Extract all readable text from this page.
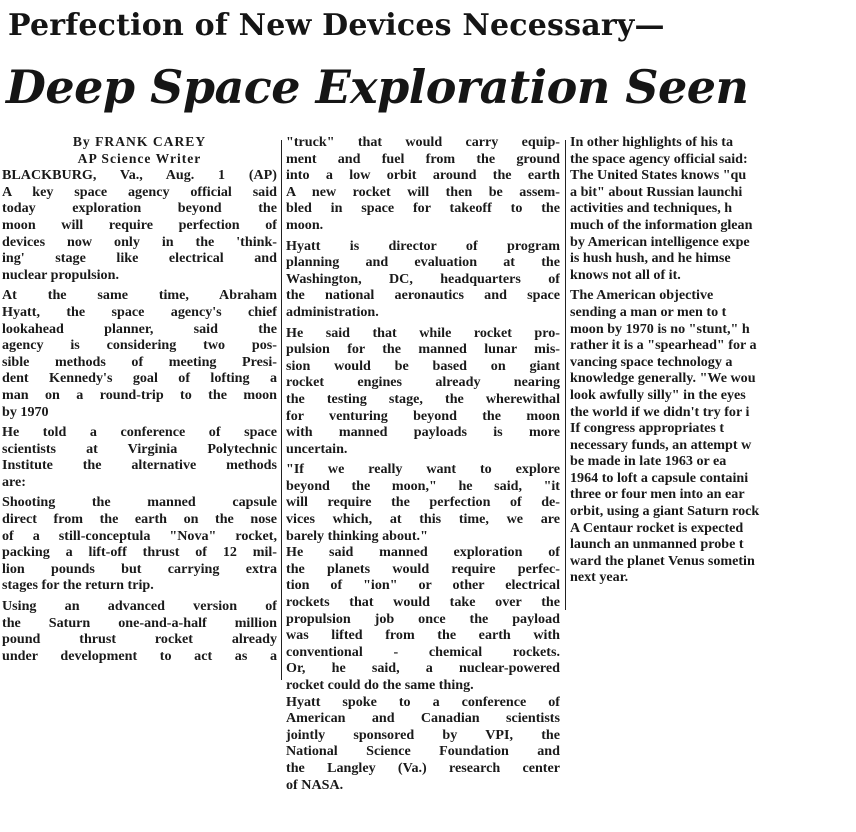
Perfection of New Devices Necessary—
Deep Space Exploration Seen
By FRANK CAREY
AP Science Writer
BLACKBURG, Va., Aug. 1 (AP)
A key space agency official said
today exploration beyond the
moon will require perfection of
devices now only in the 'think-
ing' stage like electrical and
nuclear propulsion.
At the same time, Abraham
Hyatt, the space agency's chief
lookahead planner, said the
agency is considering two pos-
sible methods of meeting Presi-
dent Kennedy's goal of lofting a
man on a round-trip to the moon
by 1970
He told a conference of space
scientists at Virginia Polytechnic
Institute the alternative methods
are:
Shooting the manned capsule
direct from the earth on the nose
of a still-conceptula "Nova" rocket,
packing a lift-off thrust of 12 mil-
lion pounds but carrying extra
stages for the return trip.
Using an advanced version of
the Saturn one-and-a-half million
pound thrust rocket already
under development to act as a
"truck" that would carry equip-
ment and fuel from the ground
into a low orbit around the earth
A new rocket will then be assem-
bled in space for takeoff to the
moon.
Hyatt is director of program
planning and evaluation at the
Washington, DC, headquarters of
the national aeronautics and space
administration.
He said that while rocket pro-
pulsion for the manned lunar mis-
sion would be based on giant
rocket engines already nearing
the testing stage, the wherewithal
for venturing beyond the moon
with manned payloads is more
uncertain.
"If we really want to explore
beyond the moon," he said, "it
will require the perfection of de-
vices which, at this time, we are
barely thinking about."
He said manned exploration of
the planets would require perfec-
tion of "ion" or other electrical
rockets that would take over the
propulsion job once the payload
was lifted from the earth with
conventional - chemical rockets.
Or, he said, a nuclear-powered
rocket could do the same thing.
Hyatt spoke to a conference of
American and Canadian scientists
jointly sponsored by VPI, the
National Science Foundation and
the Langley (Va.) research center
of NASA.
In other highlights of his ta
the space agency official said:
The United States knows "qu
a bit" about Russian launchi
activities and techniques, h
much of the information glean
by American intelligence expe
is hush hush, and he himse
knows not all of it.
The American objective
sending a man or men to t
moon by 1970 is no "stunt," h
rather it is a "spearhead" for a
vancing space technology a
knowledge generally. "We wou
look awfully silly" in the eyes
the world if we didn't try for i
If congress appropriates t
necessary funds, an attempt w
be made in late 1963 or ea
1964 to loft a capsule containi
three or four men into an ear
orbit, using a giant Saturn rock
A Centaur rocket is expected
launch an unmanned probe t
ward the planet Venus sometin
next year.
